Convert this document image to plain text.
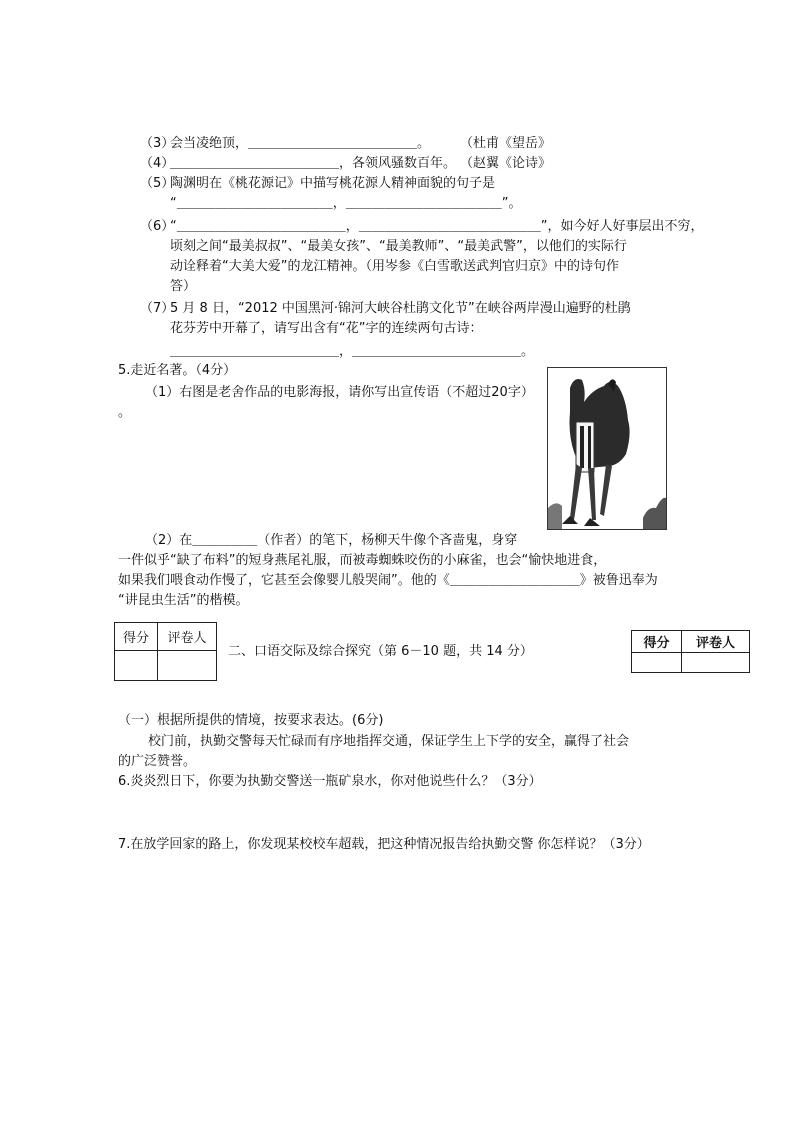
（3）
会当凌绝顶，＿＿＿＿＿＿＿＿＿＿＿＿＿。 （杜甫《望岳》
（4）
＿＿＿＿＿＿＿＿＿＿＿＿＿，各领风骚数百年。 （赵翼《论诗》
（5）
陶渊明在《桃花源记》中描写桃花源人精神面貌的句子是
“＿＿＿＿＿＿＿＿＿＿＿＿，＿＿＿＿＿＿＿＿＿＿＿＿”。
（6）
“＿＿＿＿＿＿＿＿＿＿＿＿＿，＿＿＿＿＿＿＿＿＿＿＿＿＿＿”，如今好人好事层出不穷，
顷刻之间“最美叔叔”、“最美女孩”、“最美教师”、“最美武警”，以他们的实际行
动诠释着“大美大爱”的龙江精神。（用岑参《白雪歌送武判官归京》中的诗句作
答）
（7）
5 月 8 日，“2012 中国黑河·锦河大峡谷杜鹃文化节”在峡谷两岸漫山遍野的杜鹃
花芬芳中开幕了，请写出含有“花”字的连续两句古诗：
＿＿＿＿＿＿＿＿＿＿＿＿＿，＿＿＿＿＿＿＿＿＿＿＿＿＿。
5.走近名著。（4分）
（1）右图是老舍作品的电影海报，请你写出宣传语（不超过20字）
。
（2）在＿＿＿＿＿（作者）的笔下，杨柳天牛像个吝啬鬼，身穿
一件似乎“缺了布料”的短身燕尾礼服，而被毒蜘蛛咬伤的小麻雀，也会“愉快地进食，
如果我们喂食动作慢了，它甚至会像婴儿般哭闹”。他的《＿＿＿＿＿＿＿＿＿＿》被鲁迅奉为
“讲昆虫生活”的楷模。
得分	评卷人

二、口语交际及综合探究（第 6－10 题，共 14 分）
得分	评卷人

（一）根据所提供的情境，按要求表达。(6分)
校门前，执勤交警每天忙碌而有序地指挥交通，保证学生上下学的安全，赢得了社会
的广泛赞誉。
6.炎炎烈日下，你要为执勤交警送一瓶矿泉水，你对他说些什么？（3分）
7.在放学回家的路上，你发现某校校车超载，把这种情况报告给执勤交警 你怎样说？（3分）
